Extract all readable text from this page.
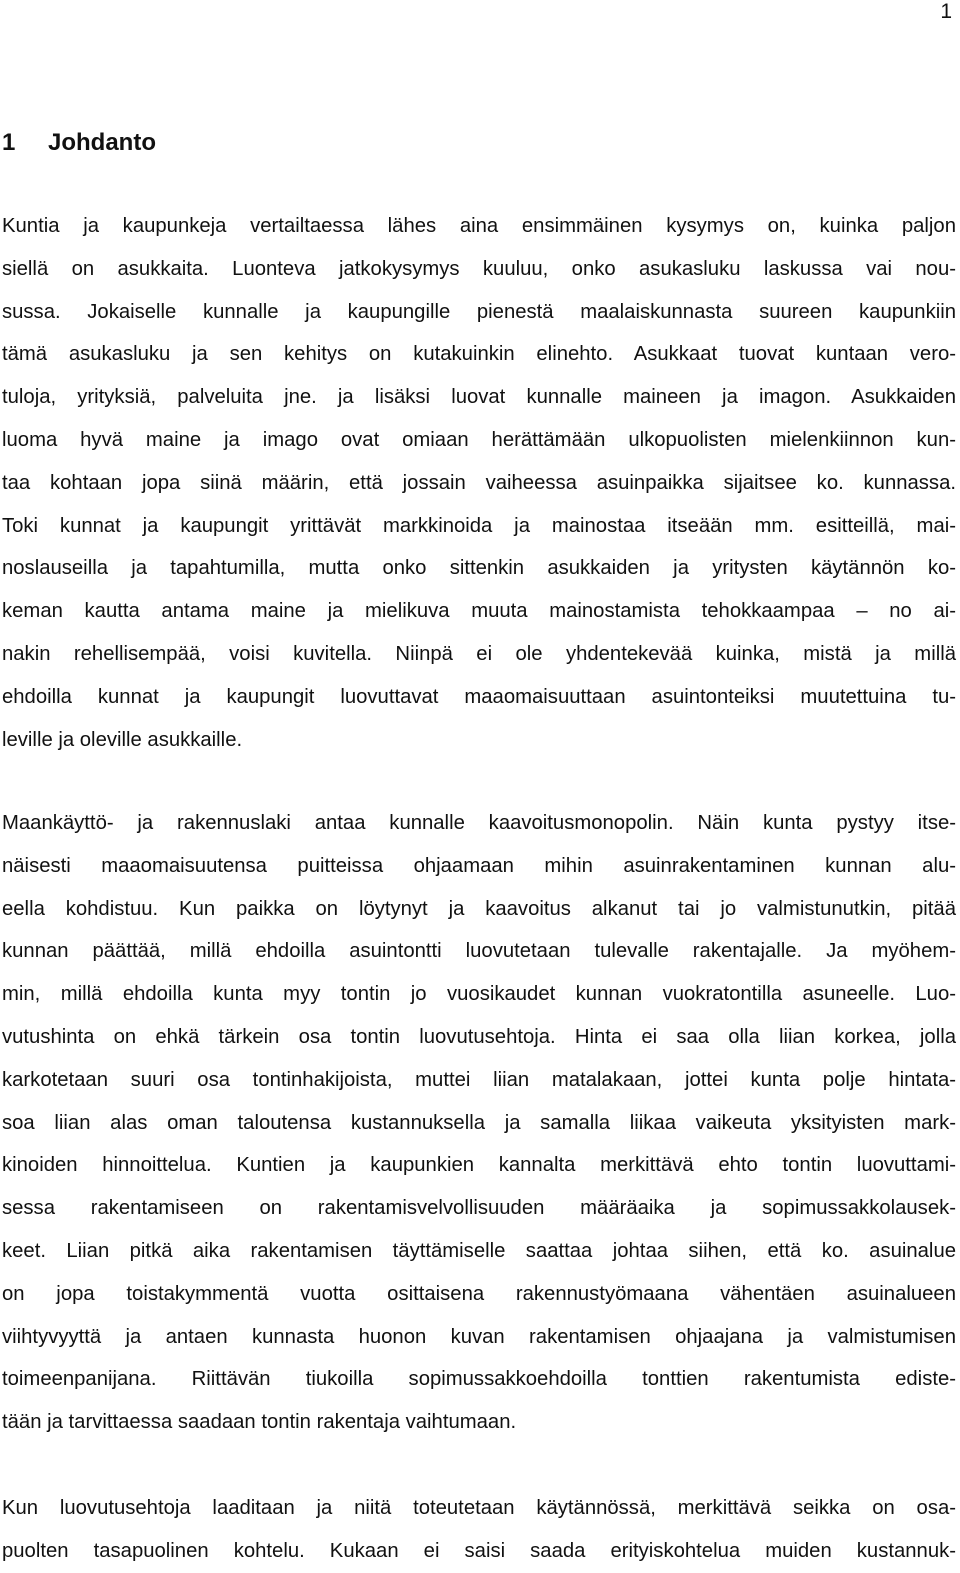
1
1 Johdanto
Kuntia ja kaupunkeja vertailtaessa lähes aina ensimmäinen kysymys on, kuinka paljon
siellä on asukkaita. Luonteva jatkokysymys kuuluu, onko asukasluku laskussa vai nou-
sussa. Jokaiselle kunnalle ja kaupungille pienestä maalaiskunnasta suureen kaupunkiin
tämä asukasluku ja sen kehitys on kutakuinkin elinehto. Asukkaat tuovat kuntaan vero-
tuloja, yrityksiä, palveluita jne. ja lisäksi luovat kunnalle maineen ja imagon. Asukkaiden
luoma hyvä maine ja imago ovat omiaan herättämään ulkopuolisten mielenkiinnon kun-
taa kohtaan jopa siinä määrin, että jossain vaiheessa asuinpaikka sijaitsee ko. kunnassa.
Toki kunnat ja kaupungit yrittävät markkinoida ja mainostaa itseään mm. esitteillä, mai-
noslauseilla ja tapahtumilla, mutta onko sittenkin asukkaiden ja yritysten käytännön ko-
keman kautta antama maine ja mielikuva muuta mainostamista tehokkaampaa – no ai-
nakin rehellisempää, voisi kuvitella. Niinpä ei ole yhdentekevää kuinka, mistä ja millä
ehdoilla kunnat ja kaupungit luovuttavat maaomaisuuttaan asuintonteiksi muutettuina tu-
leville ja oleville asukkaille.
Maankäyttö- ja rakennuslaki antaa kunnalle kaavoitusmonopolin. Näin kunta pystyy itse-
näisesti maaomaisuutensa puitteissa ohjaamaan mihin asuinrakentaminen kunnan alu-
eella kohdistuu. Kun paikka on löytynyt ja kaavoitus alkanut tai jo valmistunutkin, pitää
kunnan päättää, millä ehdoilla asuintontti luovutetaan tulevalle rakentajalle. Ja myöhem-
min, millä ehdoilla kunta myy tontin jo vuosikaudet kunnan vuokratontilla asuneelle. Luo-
vutushinta on ehkä tärkein osa tontin luovutusehtoja. Hinta ei saa olla liian korkea, jolla
karkotetaan suuri osa tontinhakijoista, muttei liian matalakaan, jottei kunta polje hintata-
soa liian alas oman taloutensa kustannuksella ja samalla liikaa vaikeuta yksityisten mark-
kinoiden hinnoittelua. Kuntien ja kaupunkien kannalta merkittävä ehto tontin luovuttami-
sessa rakentamiseen on rakentamisvelvollisuuden määräaika ja sopimussakkolausek-
keet. Liian pitkä aika rakentamisen täyttämiselle saattaa johtaa siihen, että ko. asuinalue
on jopa toistakymmentä vuotta osittaisena rakennustyömaana vähentäen asuinalueen
viihtyvyyttä ja antaen kunnasta huonon kuvan rakentamisen ohjaajana ja valmistumisen
toimeenpanijana. Riittävän tiukoilla sopimussakkoehdoilla tonttien rakentumista ediste-
tään ja tarvittaessa saadaan tontin rakentaja vaihtumaan.
Kun luovutusehtoja laaditaan ja niitä toteutetaan käytännössä, merkittävä seikka on osa-
puolten tasapuolinen kohtelu. Kukaan ei saisi saada erityiskohtelua muiden kustannuk-
